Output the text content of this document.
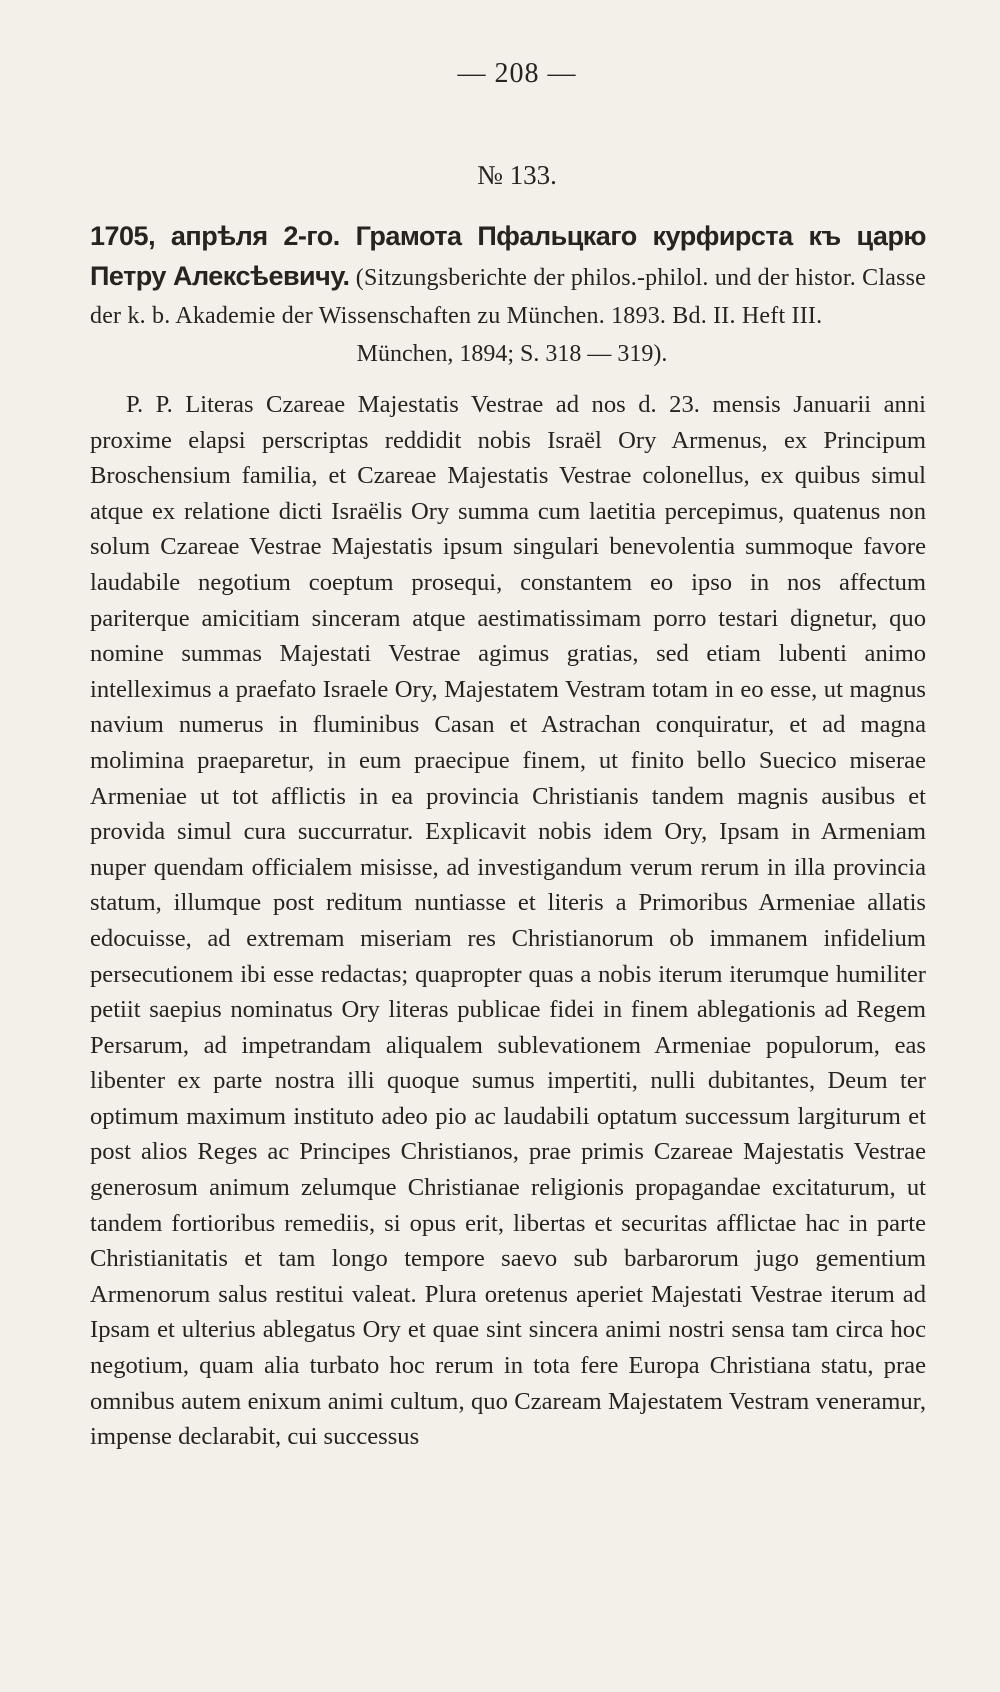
— 208 —
№ 133.

1705, апрѣля 2-го. Грамота Пфальцкаго курфирста къ царю Петру Алексѣевичу. (Sitzungsberichte der philos.-philol. und der histor. Classe der k. b. Akademie der Wissenschaften zu München. 1893. Bd. II. Heft III.

München, 1894; S. 318 — 319).

P. P. Literas Czareae Majestatis Vestrae ad nos d. 23. mensis Januarii anni proxime elapsi perscriptas reddidit nobis Israël Ory Armenus, ex Principum Broschensium familia, et Czareae Majestatis Vestrae colonellus, ex quibus simul atque ex relatione dicti Israëlis Ory summa cum laetitia percepimus, quatenus non solum Czareae Vestrae Majestatis ipsum singulari benevolentia summoque favore laudabile negotium coeptum prosequi, constantem eo ipso in nos affectum pariterque amicitiam sinceram atque aestimatissimam porro testari dignetur, quo nomine summas Majestati Vestrae agimus gratias, sed etiam lubenti animo intelleximus a praefato Israele Ory, Majestatem Vestram totam in eo esse, ut magnus navium numerus in fluminibus Casan et Astrachan conquiratur, et ad magna molimina praeparetur, in eum praecipue finem, ut finito bello Suecico miserae Armeniae ut tot afflictis in ea provincia Christianis tandem magnis ausibus et provida simul cura succurratur. Explicavit nobis idem Ory, Ipsam in Armeniam nuper quendam officialem misisse, ad investigandum verum rerum in illa provincia statum, illumque post reditum nuntiasse et literis a Primoribus Armeniae allatis edocuisse, ad extremam miseriam res Christianorum ob immanem infidelium persecutionem ibi esse redactas; quapropter quas a nobis iterum iterumque humiliter petiit saepius nominatus Ory literas publicae fidei in finem ablegationis ad Regem Persarum, ad impetrandam aliqualem sublevationem Armeniae populorum, eas libenter ex parte nostra illi quoque sumus impertiti, nulli dubitantes, Deum ter optimum maximum instituto adeo pio ac laudabili optatum successum largiturum et post alios Reges ac Principes Christianos, prae primis Czareae Majestatis Vestrae generosum animum zelumque Christianae religionis propagandae excitaturum, ut tandem fortioribus remediis, si opus erit, libertas et securitas afflictae hac in parte Christianitatis et tam longo tempore saevo sub barbarorum jugo gementium Armenorum salus restitui valeat. Plura oretenus aperiet Majestati Vestrae iterum ad Ipsam et ulterius ablegatus Ory et quae sint sincera animi nostri sensa tam circa hoc negotium, quam alia turbato hoc rerum in tota fere Europa Christiana statu, prae omnibus autem enixum animi cultum, quo Czaream Majestatem Vestram veneramur, impense declarabit, cui successus
